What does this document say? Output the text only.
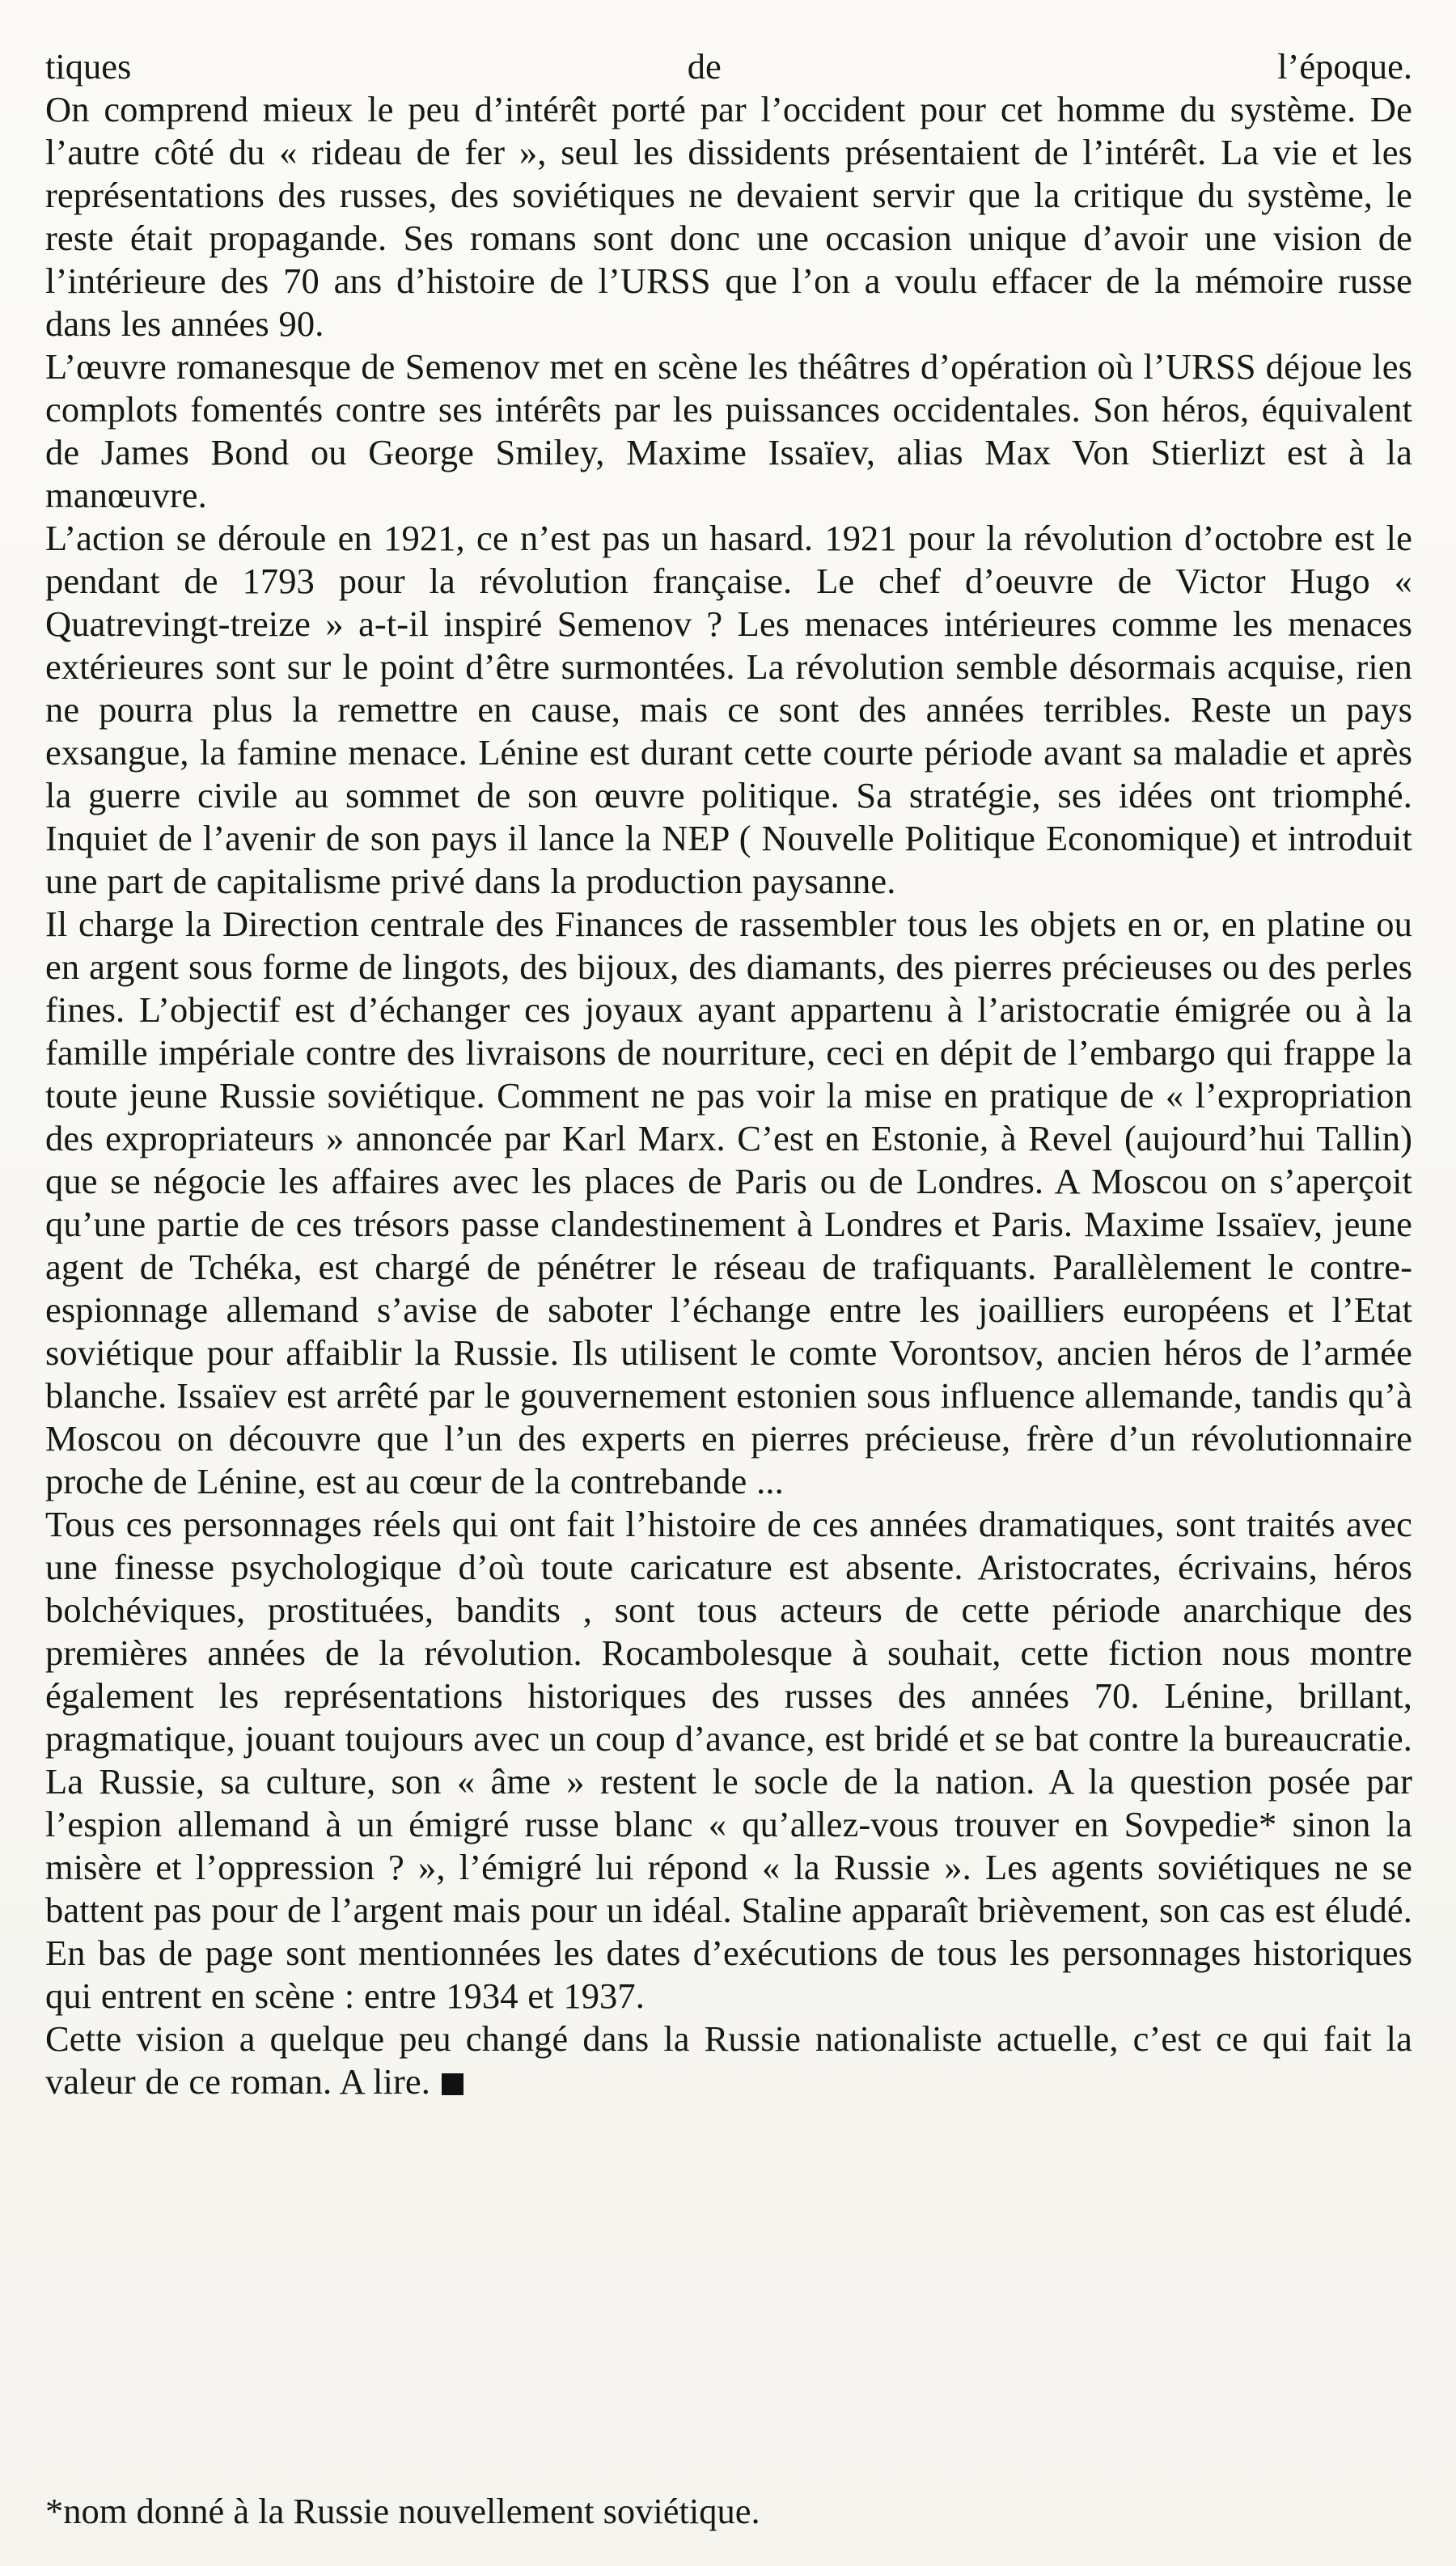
tiques	de	l’époque.

On comprend mieux le peu d’intérêt porté par l’occident pour cet homme du système. De l’autre côté du « rideau de fer », seul les dissidents présentaient de l’intérêt. La vie et les représentations des russes, des soviétiques ne devaient servir que la critique du système, le reste était propagande. Ses romans sont donc une occasion unique d’avoir une vision de l’intérieure des 70 ans d’histoire de l’URSS que l’on a voulu effacer de la mémoire russe dans les années 90.

L’œuvre romanesque de Semenov met en scène les théâtres d’opération où l’URSS déjoue les complots fomentés contre ses intérêts par les puissances occidentales. Son héros, équivalent de James Bond ou George Smiley, Maxime Issaïev, alias Max Von Stierlizt est à la manœuvre.

L’action se déroule en 1921, ce n’est pas un hasard. 1921 pour la révolution d’octobre est le pendant de 1793 pour la révolution française. Le chef d’oeuvre de Victor Hugo « Quatrevingt-treize » a-t-il inspiré Semenov ? Les menaces intérieures comme les menaces extérieures sont sur le point d’être surmontées. La révolution semble désormais acquise, rien ne pourra plus la remettre en cause, mais ce sont des années terribles. Reste un pays exsangue, la famine menace. Lénine est durant cette courte période avant sa maladie et après la guerre civile au sommet de son œuvre politique. Sa stratégie, ses idées ont triomphé. Inquiet de l’avenir de son pays il lance la NEP ( Nouvelle Politique Economique) et introduit une part de capitalisme privé dans la production paysanne.

Il charge la Direction centrale des Finances de rassembler tous les objets en or, en platine ou en argent sous forme de lingots, des bijoux, des diamants, des pierres précieuses ou des perles fines. L’objectif est d’échanger ces joyaux ayant appartenu à l’aristocratie émigrée ou à la famille impériale contre des livraisons de nourriture, ceci en dépit de l’embargo qui frappe la toute jeune Russie soviétique. Comment ne pas voir la mise en pratique de « l’expropriation des expropriateurs » annoncée par Karl Marx. C’est en Estonie, à Revel (aujourd’hui Tallin) que se négocie les affaires avec les places de Paris ou de Londres. A Moscou on s’aperçoit qu’une partie de ces trésors passe clandestinement à Londres et Paris. Maxime Issaïev, jeune agent de Tchéka, est chargé de pénétrer le réseau de trafiquants. Parallèlement le contre-espionnage allemand s’avise de saboter l’échange entre les joailliers européens et l’Etat soviétique pour affaiblir la Russie. Ils utilisent le comte Vorontsov, ancien héros de l’armée blanche. Issaïev est arrêté par le gouvernement estonien sous influence allemande, tandis qu’à Moscou on découvre que l’un des experts en pierres précieuse, frère d’un révolutionnaire proche de Lénine, est au cœur de la contrebande ...

Tous ces personnages réels qui ont fait l’histoire de ces années dramatiques, sont traités avec une finesse psychologique d’où toute caricature est absente. Aristocrates, écrivains, héros bolchéviques, prostituées, bandits , sont tous acteurs de cette période anarchique des premières années de la révolution. Rocambolesque à souhait, cette fiction nous montre également les représentations historiques des russes des années 70. Lénine, brillant, pragmatique, jouant toujours avec un coup d’avance, est bridé et se bat contre la bureaucratie. La Russie, sa culture, son « âme » restent le socle de la nation. A la question posée par l’espion allemand à un émigré russe blanc « qu’allez-vous trouver en Sovpedie* sinon la misère et l’oppression ? », l’émigré lui répond « la Russie ». Les agents soviétiques ne se battent pas pour de l’argent mais pour un idéal. Staline apparaît brièvement, son cas est éludé. En bas de page sont mentionnées les dates d’exécutions de tous les personnages historiques qui entrent en scène : entre 1934 et 1937.

Cette vision a quelque peu changé dans la Russie nationaliste actuelle, c’est ce qui fait la valeur de ce roman. A lire.

*nom donné à la Russie nouvellement soviétique.
